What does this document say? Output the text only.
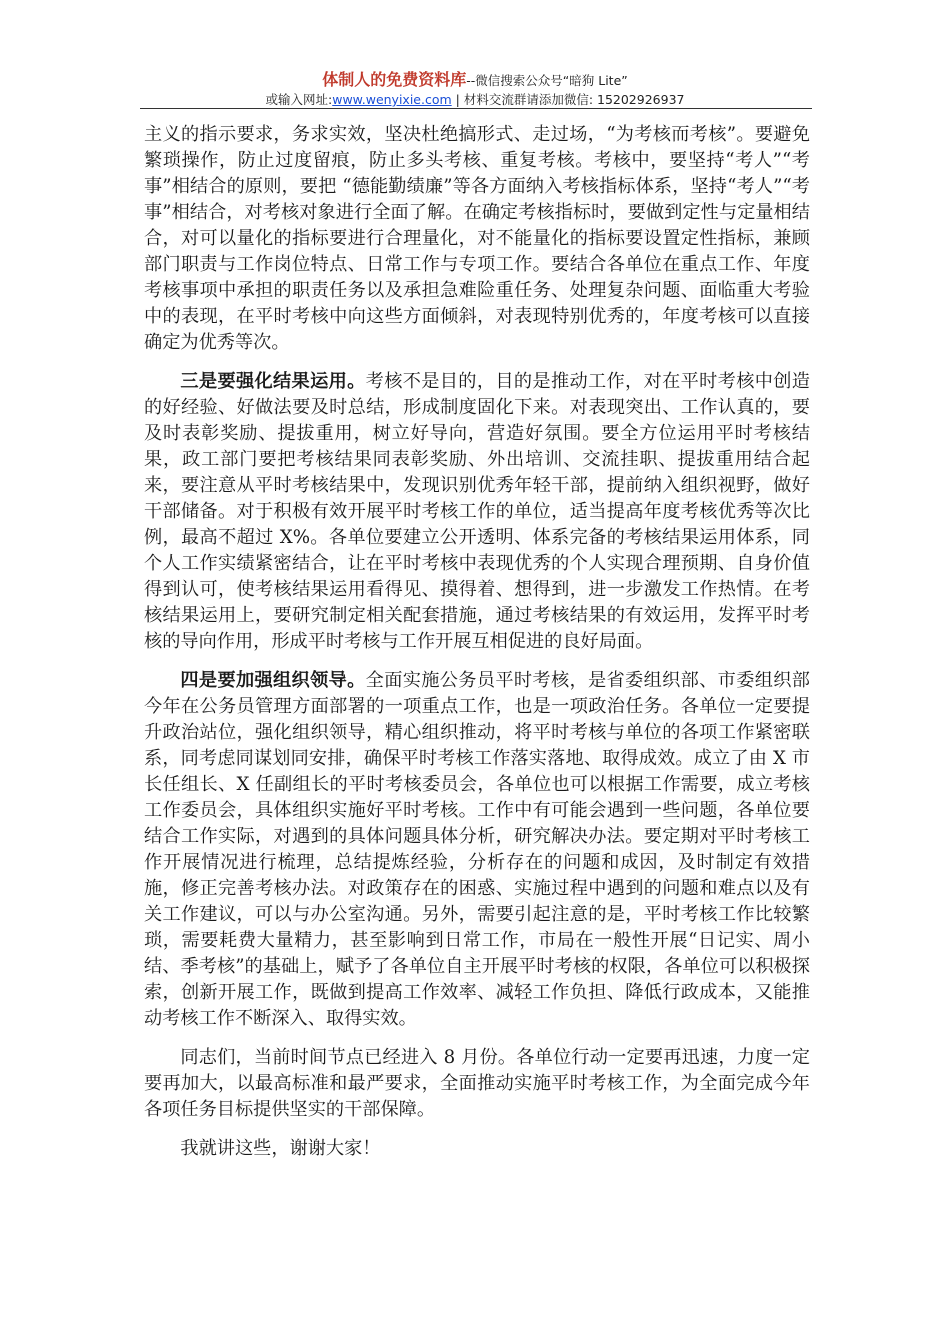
体制人的免费资料库--微信搜索公众号“暗狗 Lite”
或输入网址:www.wenyixie.com | 材料交流群请添加微信: 15202926937

主义的指示要求，务求实效，坚决杜绝搞形式、走过场，“为考核而考核”。要避免繁琐操作，防止过度留痕，防止多头考核、重复考核。考核中，要坚持“考人”“考事”相结合的原则，要把 “德能勤绩廉”等各方面纳入考核指标体系，坚持“考人”“考事”相结合，对考核对象进行全面了解。在确定考核指标时，要做到定性与定量相结合，对可以量化的指标要进行合理量化，对不能量化的指标要设置定性指标，兼顾部门职责与工作岗位特点、日常工作与专项工作。要结合各单位在重点工作、年度考核事项中承担的职责任务以及承担急难险重任务、处理复杂问题、面临重大考验中的表现，在平时考核中向这些方面倾斜，对表现特别优秀的，年度考核可以直接确定为优秀等次。

三是要强化结果运用。考核不是目的，目的是推动工作，对在平时考核中创造的好经验、好做法要及时总结，形成制度固化下来。对表现突出、工作认真的，要及时表彰奖励、提拔重用，树立好导向，营造好氛围。要全方位运用平时考核结果，政工部门要把考核结果同表彰奖励、外出培训、交流挂职、提拔重用结合起来，要注意从平时考核结果中，发现识别优秀年轻干部，提前纳入组织视野，做好干部储备。对于积极有效开展平时考核工作的单位，适当提高年度考核优秀等次比例，最高不超过 X%。各单位要建立公开透明、体系完备的考核结果运用体系，同个人工作实绩紧密结合，让在平时考核中表现优秀的个人实现合理预期、自身价值得到认可，使考核结果运用看得见、摸得着、想得到，进一步激发工作热情。在考核结果运用上，要研究制定相关配套措施，通过考核结果的有效运用，发挥平时考核的导向作用，形成平时考核与工作开展互相促进的良好局面。

四是要加强组织领导。全面实施公务员平时考核，是省委组织部、市委组织部今年在公务员管理方面部署的一项重点工作，也是一项政治任务。各单位一定要提升政治站位，强化组织领导，精心组织推动，将平时考核与单位的各项工作紧密联系，同考虑同谋划同安排，确保平时考核工作落实落地、取得成效。成立了由 X 市长任组长、X 任副组长的平时考核委员会，各单位也可以根据工作需要，成立考核工作委员会，具体组织实施好平时考核。工作中有可能会遇到一些问题，各单位要结合工作实际，对遇到的具体问题具体分析，研究解决办法。要定期对平时考核工作开展情况进行梳理，总结提炼经验，分析存在的问题和成因，及时制定有效措施，修正完善考核办法。对政策存在的困惑、实施过程中遇到的问题和难点以及有关工作建议，可以与办公室沟通。另外，需要引起注意的是，平时考核工作比较繁琐，需要耗费大量精力，甚至影响到日常工作，市局在一般性开展“日记实、周小结、季考核”的基础上，赋予了各单位自主开展平时考核的权限，各单位可以积极探索，创新开展工作，既做到提高工作效率、减轻工作负担、降低行政成本，又能推动考核工作不断深入、取得实效。

同志们，当前时间节点已经进入 8 月份。各单位行动一定要再迅速，力度一定要再加大，以最高标准和最严要求，全面推动实施平时考核工作，为全面完成今年各项任务目标提供坚实的干部保障。

我就讲这些，谢谢大家！
